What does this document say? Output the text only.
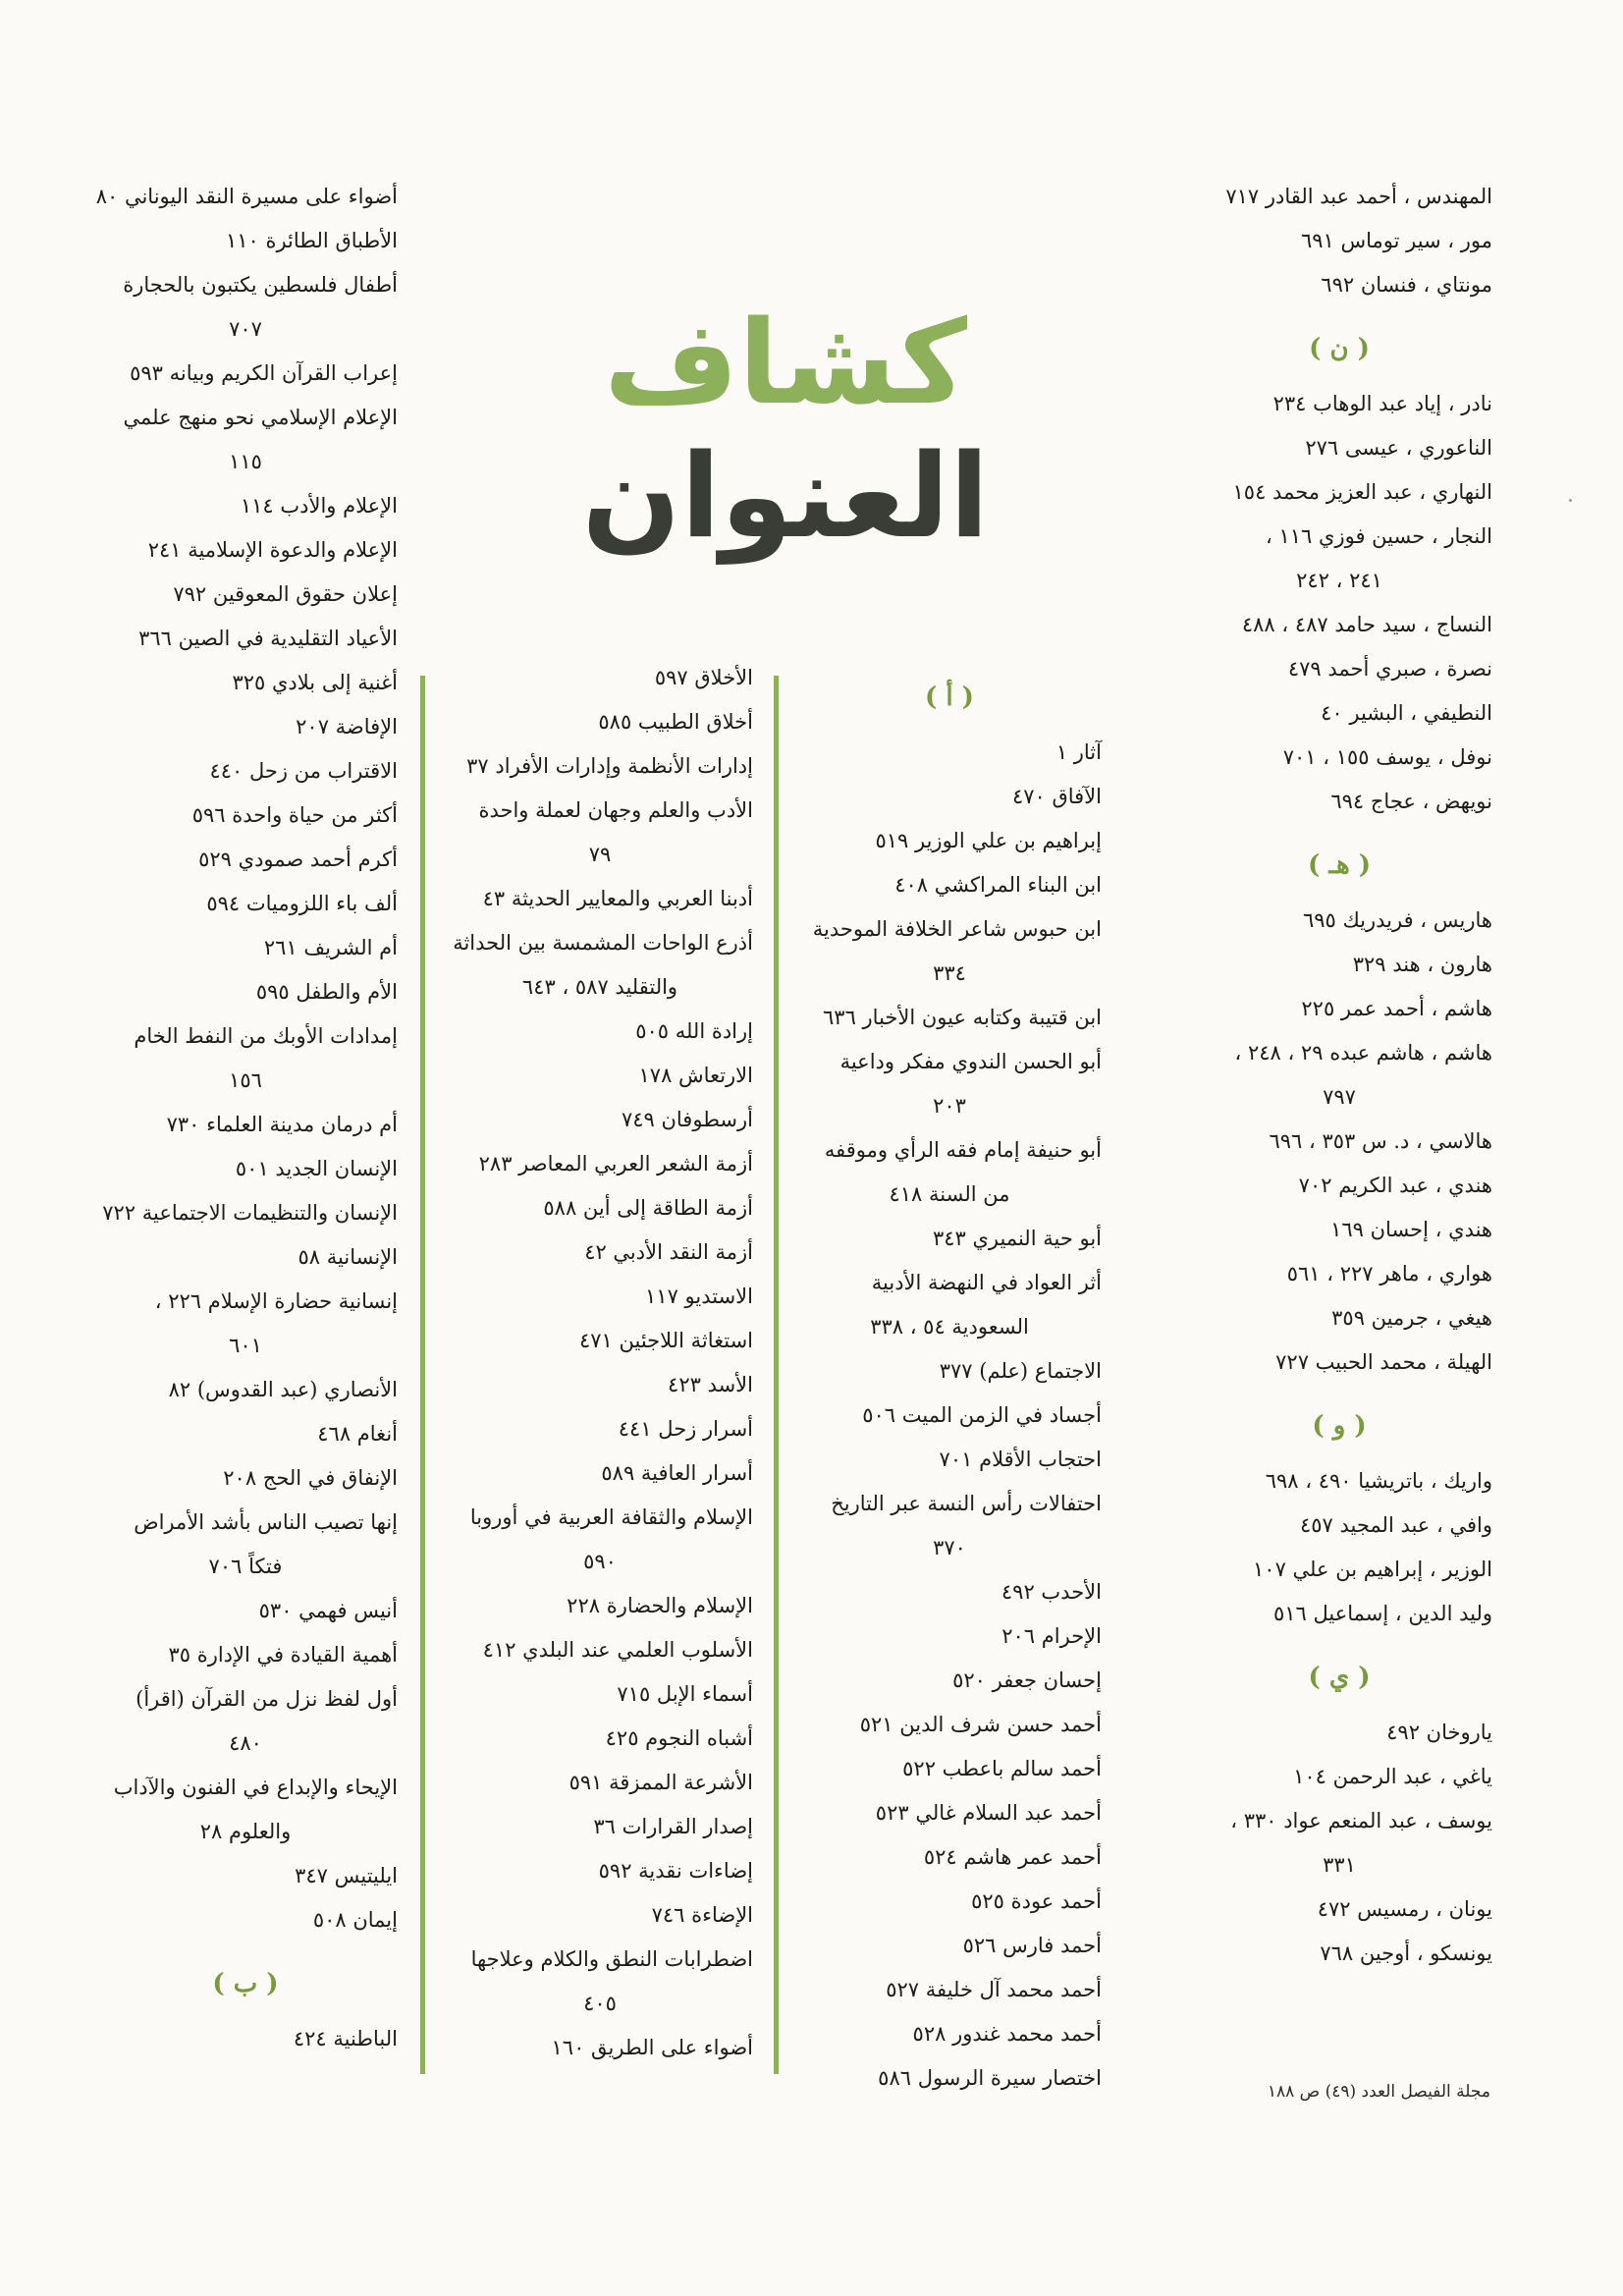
كشاف
العنوان
المهندس ، أحمد عبد القادر ٧١٧
مور ، سير توماس ٦٩١
مونتاي ، فنسان ٦٩٢
( ن )
نادر ، إياد عبد الوهاب ٢٣٤
الناعوري ، عيسى ٢٧٦
النهاري ، عبد العزيز محمد ١٥٤
النجار ، حسين فوزي ١١٦ ،
٢٤١ ، ٢٤٢
النساج ، سيد حامد ٤٨٧ ، ٤٨٨
نصرة ، صبري أحمد ٤٧٩
النطيفي ، البشير ٤٠
نوفل ، يوسف ١٥٥ ، ٧٠١
نويهض ، عجاج ٦٩٤
( هـ )
هاريس ، فريدريك ٦٩٥
هارون ، هند ٣٢٩
هاشم ، أحمد عمر ٢٢٥
هاشم ، هاشم عبده ٢٩ ، ٢٤٨ ،
٧٩٧
هالاسي ، د. س ٣٥٣ ، ٦٩٦
هندي ، عبد الكريم ٧٠٢
هندي ، إحسان ١٦٩
هواري ، ماهر ٢٢٧ ، ٥٦١
هيغي ، جرمين ٣٥٩
الهيلة ، محمد الحبيب ٧٢٧
( و )
واريك ، باتريشيا ٤٩٠ ، ٦٩٨
وافي ، عبد المجيد ٤٥٧
الوزير ، إبراهيم بن علي ١٠٧
وليد الدين ، إسماعيل ٥١٦
( ي )
ياروخان ٤٩٢
ياغي ، عبد الرحمن ١٠٤
يوسف ، عبد المنعم عواد ٣٣٠ ،
٣٣١
يونان ، رمسيس ٤٧٢
يونسكو ، أوجين ٧٦٨
( أ )
آثار ١
الآفاق ٤٧٠
إبراهيم بن علي الوزير ٥١٩
ابن البناء المراكشي ٤٠٨
ابن حبوس شاعر الخلافة الموحدية
٣٣٤
ابن قتيبة وكتابه عيون الأخبار ٦٣٦
أبو الحسن الندوي مفكر وداعية
٢٠٣
أبو حنيفة إمام فقه الرأي وموقفه
من السنة ٤١٨
أبو حية النميري ٣٤٣
أثر العواد في النهضة الأدبية
السعودية ٥٤ ، ٣٣٨
الاجتماع (علم) ٣٧٧
أجساد في الزمن الميت ٥٠٦
احتجاب الأقلام ٧٠١
احتفالات رأس النسة عبر التاريخ
٣٧٠
الأحدب ٤٩٢
الإحرام ٢٠٦
إحسان جعفر ٥٢٠
أحمد حسن شرف الدين ٥٢١
أحمد سالم باعطب ٥٢٢
أحمد عبد السلام غالي ٥٢٣
أحمد عمر هاشم ٥٢٤
أحمد عودة ٥٢٥
أحمد فارس ٥٢٦
أحمد محمد آل خليفة ٥٢٧
أحمد محمد غندور ٥٢٨
اختصار سيرة الرسول ٥٨٦
الأخلاق ٥٩٧
أخلاق الطبيب ٥٨٥
إدارات الأنظمة وإدارات الأفراد ٣٧
الأدب والعلم وجهان لعملة واحدة
٧٩
أدبنا العربي والمعايير الحديثة ٤٣
أذرع الواحات المشمسة بين الحداثة
والتقليد ٥٨٧ ، ٦٤٣
إرادة الله ٥٠٥
الارتعاش ١٧٨
أرسطوفان ٧٤٩
أزمة الشعر العربي المعاصر ٢٨٣
أزمة الطاقة إلى أين ٥٨٨
أزمة النقد الأدبي ٤٢
الاستديو ١١٧
استغاثة اللاجئين ٤٧١
الأسد ٤٢٣
أسرار زحل ٤٤١
أسرار العافية ٥٨٩
الإسلام والثقافة العربية في أوروبا
٥٩٠
الإسلام والحضارة ٢٢٨
الأسلوب العلمي عند البلدي ٤١٢
أسماء الإبل ٧١٥
أشباه النجوم ٤٢٥
الأشرعة الممزقة ٥٩١
إصدار القرارات ٣٦
إضاءات نقدية ٥٩٢
الإضاءة ٧٤٦
اضطرابات النطق والكلام وعلاجها
٤٠٥
أضواء على الطريق ١٦٠
أضواء على مسيرة النقد اليوناني ٨٠
الأطباق الطائرة ١١٠
أطفال فلسطين يكتبون بالحجارة
٧٠٧
إعراب القرآن الكريم وبيانه ٥٩٣
الإعلام الإسلامي نحو منهج علمي
١١٥
الإعلام والأدب ١١٤
الإعلام والدعوة الإسلامية ٢٤١
إعلان حقوق المعوقين ٧٩٢
الأعياد التقليدية في الصين ٣٦٦
أغنية إلى بلادي ٣٢٥
الإفاضة ٢٠٧
الاقتراب من زحل ٤٤٠
أكثر من حياة واحدة ٥٩٦
أكرم أحمد صمودي ٥٢٩
ألف باء اللزوميات ٥٩٤
أم الشريف ٢٦١
الأم والطفل ٥٩٥
إمدادات الأوبك من النفط الخام
١٥٦
أم درمان مدينة العلماء ٧٣٠
الإنسان الجديد ٥٠١
الإنسان والتنظيمات الاجتماعية ٧٢٢
الإنسانية ٥٨
إنسانية حضارة الإسلام ٢٢٦ ،
٦٠١
الأنصاري (عبد القدوس) ٨٢
أنغام ٤٦٨
الإنفاق في الحج ٢٠٨
إنها تصيب الناس بأشد الأمراض
فتكاً ٧٠٦
أنيس فهمي ٥٣٠
أهمية القيادة في الإدارة ٣٥
أول لفظ نزل من القرآن (اقرأ)
٤٨٠
الإيحاء والإبداع في الفنون والآداب
والعلوم ٢٨
ايليتيس ٣٤٧
إيمان ٥٠٨
( ب )
الباطنية ٤٢٤
مجلة الفيصل العدد (٤٩) ص ١٨٨
